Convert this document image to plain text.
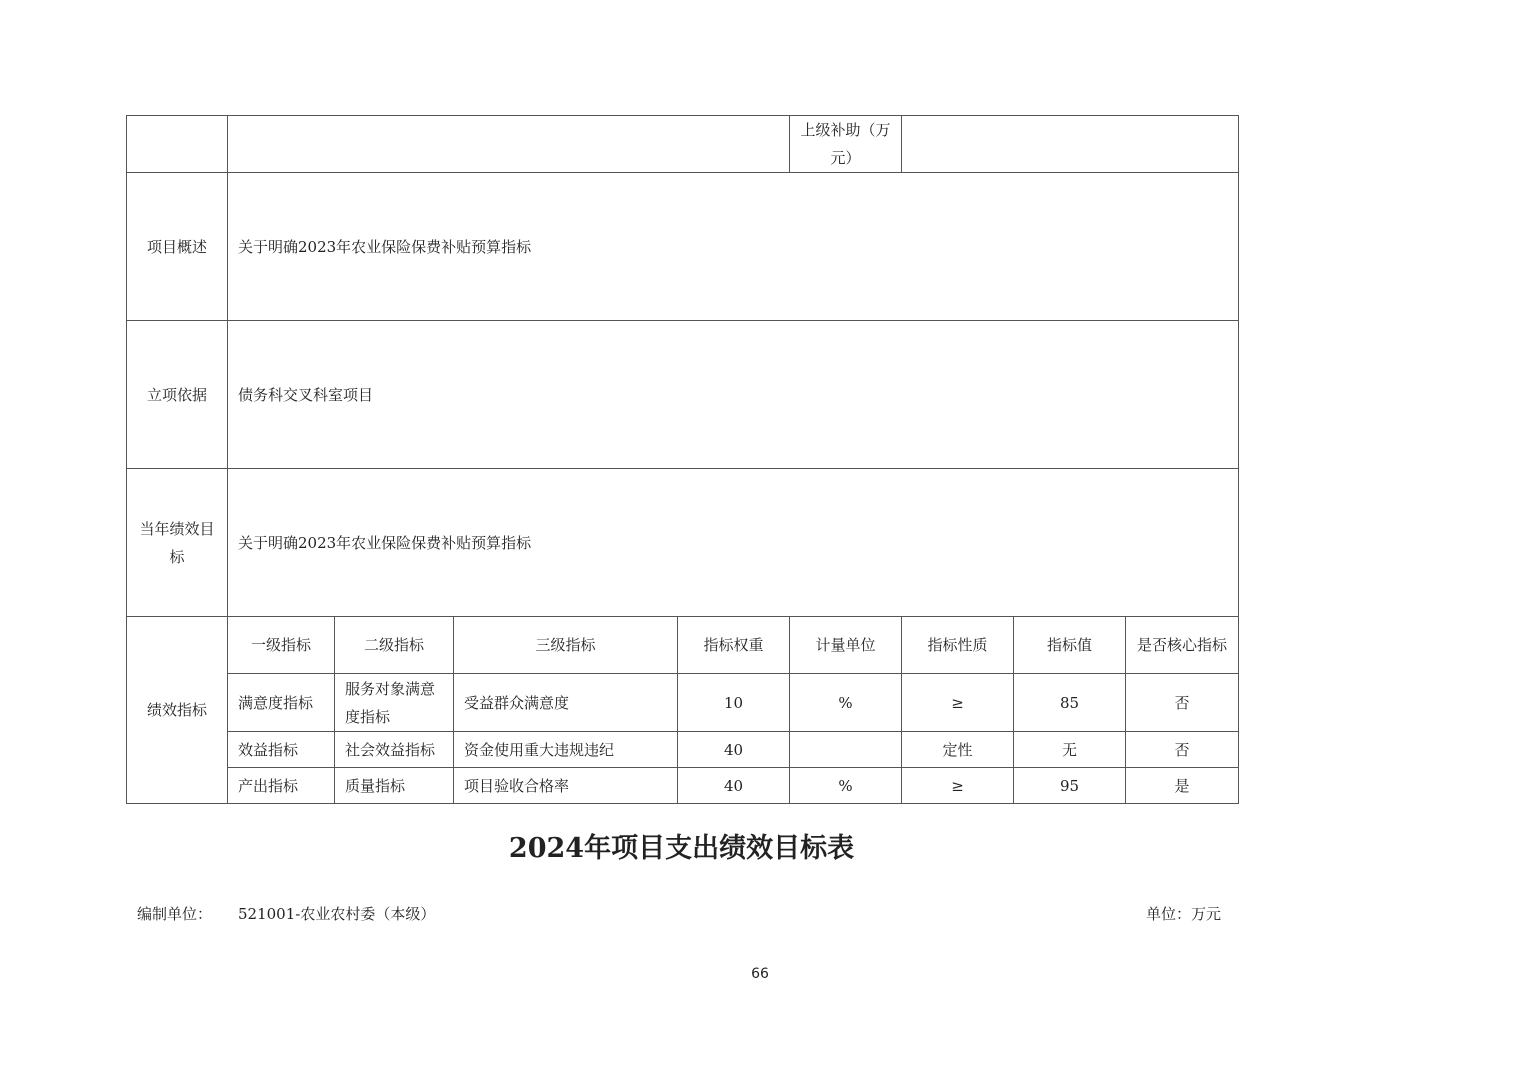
					上级补助（万元）			
项目概述	关于明确2023年农业保险保费补贴预算指标							
立项依据	债务科交叉科室项目							
当年绩效目标	关于明确2023年农业保险保费补贴预算指标							
绩效指标	一级指标	二级指标	三级指标	指标权重	计量单位	指标性质	指标值	是否核心指标
	满意度指标	服务对象满意度指标	受益群众满意度	10	%	≥	85	否
	效益指标	社会效益指标	资金使用重大违规违纪	40		定性	无	否
	产出指标	质量指标	项目验收合格率	40	%	≥	95	是
2024年项目支出绩效目标表
编制单位： 521001-农业农村委（本级）	单位：万元
66
